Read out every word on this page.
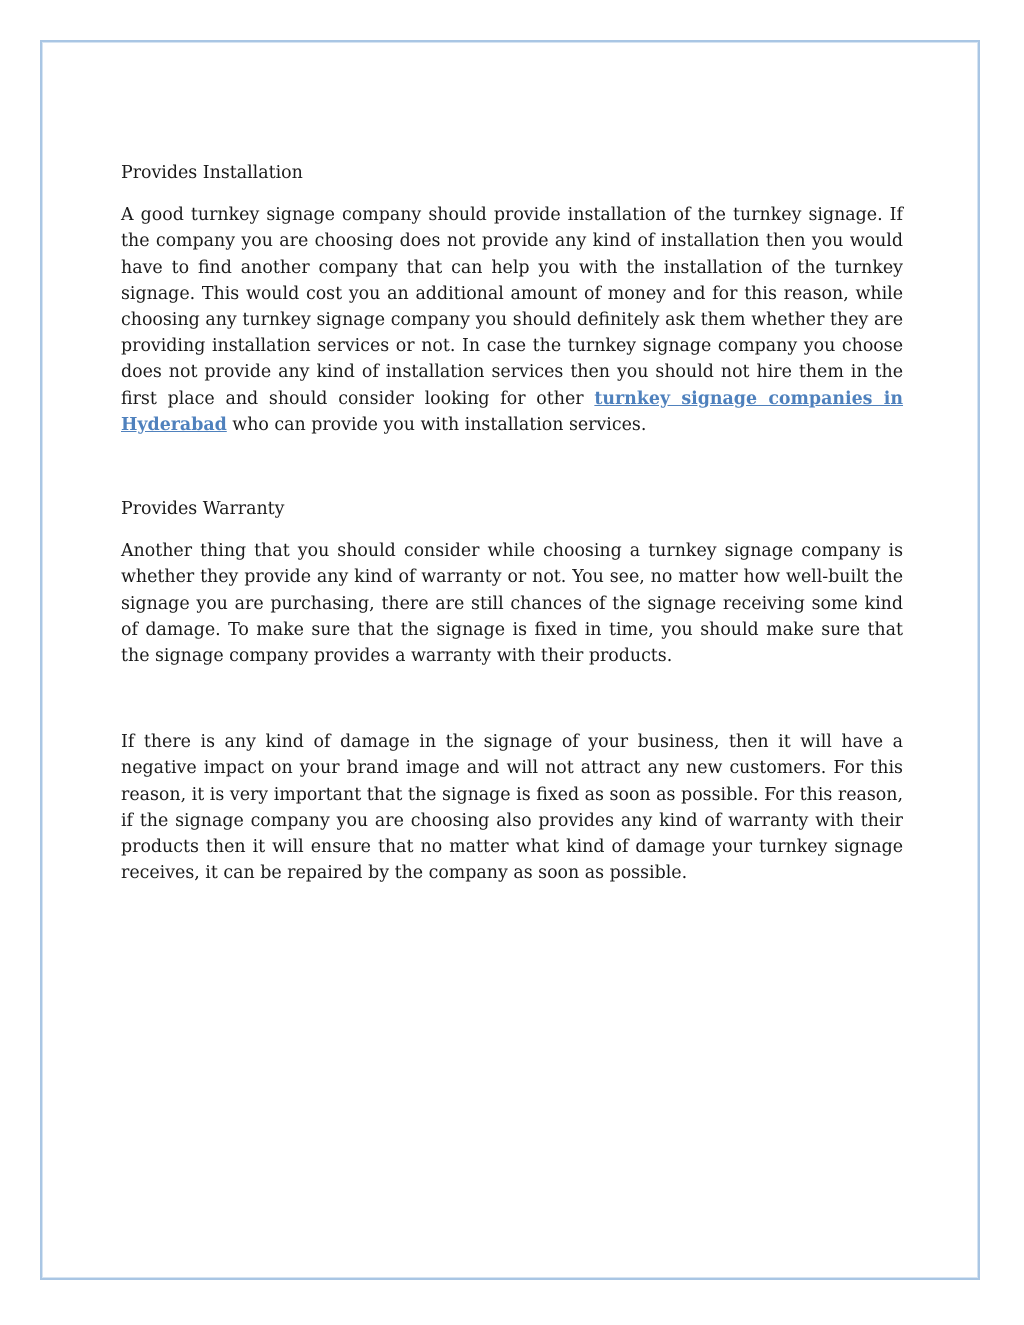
Provides Installation

A good turnkey signage company should provide installation of the turnkey signage. If the company you are choosing does not provide any kind of installation then you would have to find another company that can help you with the installation of the turnkey signage. This would cost you an additional amount of money and for this reason, while choosing any turnkey signage company you should definitely ask them whether they are providing installation services or not. In case the turnkey signage company you choose does not provide any kind of installation services then you should not hire them in the first place and should consider looking for other turnkey signage companies in Hyderabad who can provide you with installation services.

Provides Warranty

Another thing that you should consider while choosing a turnkey signage company is whether they provide any kind of warranty or not. You see, no matter how well-built the signage you are purchasing, there are still chances of the signage receiving some kind of damage. To make sure that the signage is fixed in time, you should make sure that the signage company provides a warranty with their products.

If there is any kind of damage in the signage of your business, then it will have a negative impact on your brand image and will not attract any new customers. For this reason, it is very important that the signage is fixed as soon as possible. For this reason, if the signage company you are choosing also provides any kind of warranty with their products then it will ensure that no matter what kind of damage your turnkey signage receives, it can be repaired by the company as soon as possible.
